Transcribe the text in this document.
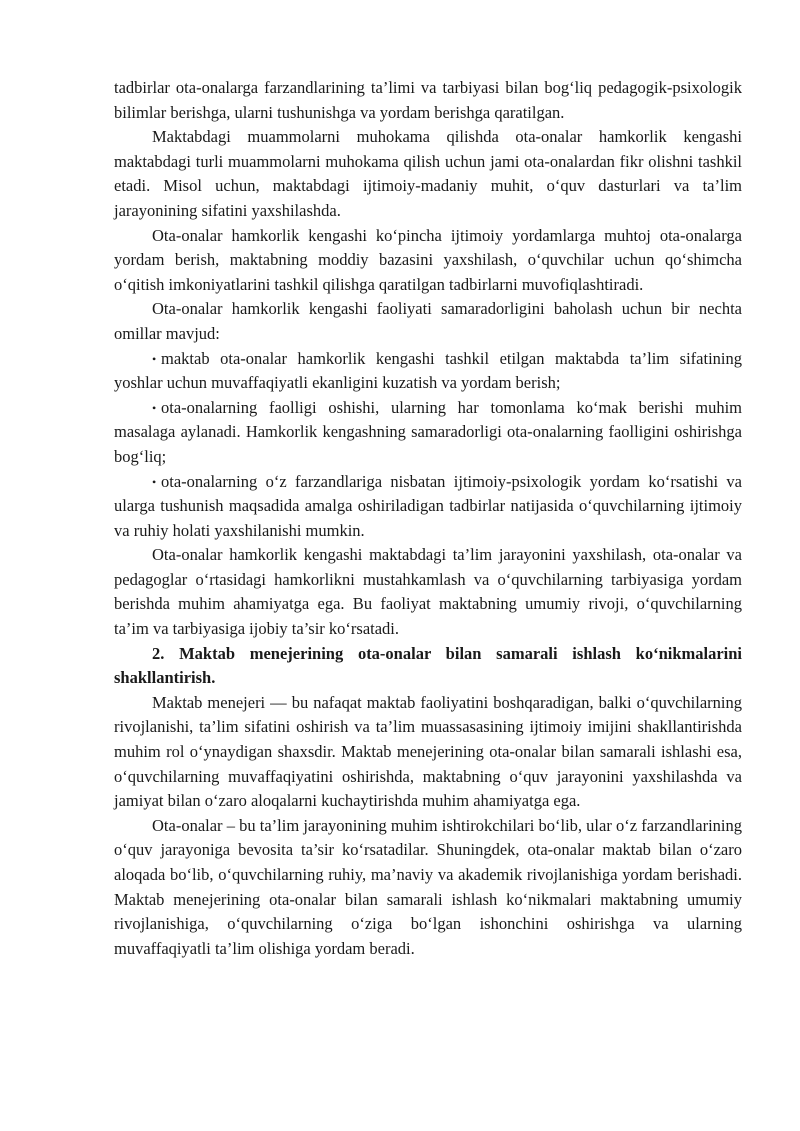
tadbirlar ota-onalarga farzandlarining ta’limi va tarbiyasi bilan bog‘liq pedagogik-psixologik bilimlar berishga, ularni tushunishga va yordam berishga qaratilgan.

Maktabdagi muammolarni muhokama qilishda ota-onalar hamkorlik kengashi maktabdagi turli muammolarni muhokama qilish uchun jami ota-onalardan fikr olishni tashkil etadi. Misol uchun, maktabdagi ijtimoiy-madaniy muhit, o‘quv dasturlari va ta’lim jarayonining sifatini yaxshilashda.

Ota-onalar hamkorlik kengashi ko‘pincha ijtimoiy yordamlarga muhtoj ota-onalarga yordam berish, maktabning moddiy bazasini yaxshilash, o‘quvchilar uchun qo‘shimcha o‘qitish imkoniyatlarini tashkil qilishga qaratilgan tadbirlarni muvofiqlashtiradi.

Ota-onalar hamkorlik kengashi faoliyati samaradorligini baholash uchun bir nechta omillar mavjud:

• maktab ota-onalar hamkorlik kengashi tashkil etilgan maktabda ta’lim sifatining yoshlar uchun muvaffaqiyatli ekanligini kuzatish va yordam berish;

• ota-onalarning faolligi oshishi, ularning har tomonlama ko‘mak berishi muhim masalaga aylanadi. Hamkorlik kengashning samaradorligi ota-onalarning faolligini oshirishga bog‘liq;

• ota-onalarning o‘z farzandlariga nisbatan ijtimoiy-psixologik yordam ko‘rsatishi va ularga tushunish maqsadida amalga oshiriladigan tadbirlar natijasida o‘quvchilarning ijtimoiy va ruhiy holati yaxshilanishi mumkin.

Ota-onalar hamkorlik kengashi maktabdagi ta’lim jarayonini yaxshilash, ota-onalar va pedagoglar o‘rtasidagi hamkorlikni mustahkamlash va o‘quvchilarning tarbiyasiga yordam berishda muhim ahamiyatga ega. Bu faoliyat maktabning umumiy rivoji, o‘quvchilarning ta’im va tarbiyasiga ijobiy ta’sir ko‘rsatadi.

2. Maktab menejerining ota-onalar bilan samarali ishlash ko‘nikmalarini shakllantirish.

Maktab menejeri — bu nafaqat maktab faoliyatini boshqaradigan, balki o‘quvchilarning rivojlanishi, ta’lim sifatini oshirish va ta’lim muassasasining ijtimoiy imijini shakllantirishda muhim rol o‘ynaydigan shaxsdir. Maktab menejerining ota-onalar bilan samarali ishlashi esa, o‘quvchilarning muvaffaqiyatini oshirishda, maktabning o‘quv jarayonini yaxshilashda va jamiyat bilan o‘zaro aloqalarni kuchaytirishda muhim ahamiyatga ega.

Ota-onalar – bu ta’lim jarayonining muhim ishtirokchilari bo‘lib, ular o‘z farzandlarining o‘quv jarayoniga bevosita ta’sir ko‘rsatadilar. Shuningdek, ota-onalar maktab bilan o‘zaro aloqada bo‘lib, o‘quvchilarning ruhiy, ma’naviy va akademik rivojlanishiga yordam berishadi. Maktab menejerining ota-onalar bilan samarali ishlash ko‘nikmalari maktabning umumiy rivojlanishiga, o‘quvchilarning o‘ziga bo‘lgan ishonchini oshirishga va ularning muvaffaqiyatli ta’lim olishiga yordam beradi.
